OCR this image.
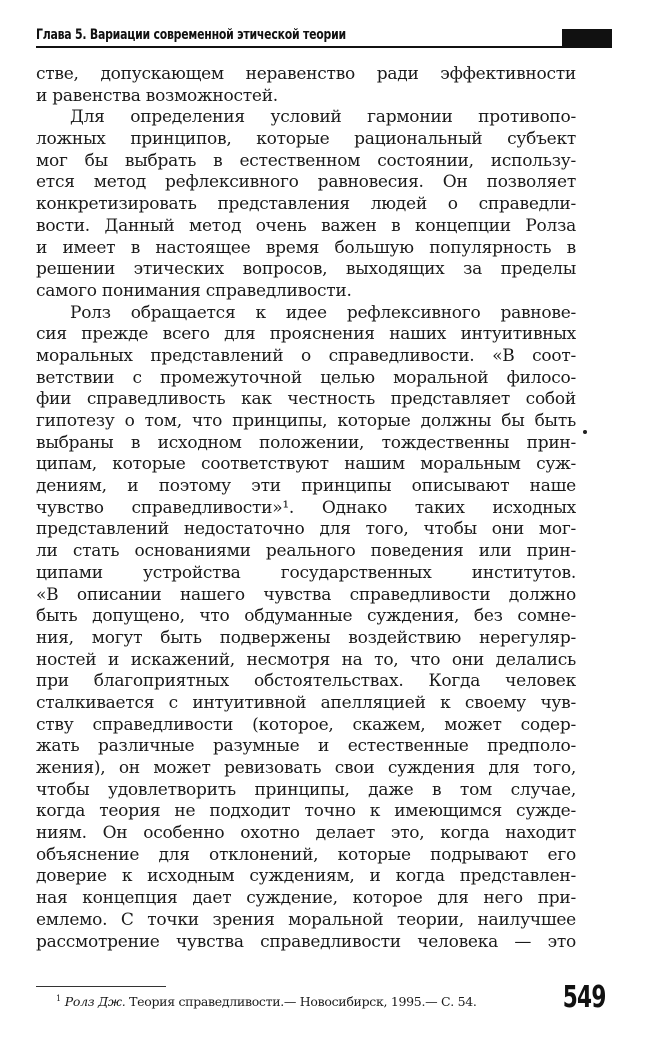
Глава 5. Вариации современной этической теории
стве, допускающем неравенство ради эффективности
и равенства возможностей.
Для определения условий гармонии противопо-
ложных принципов, которые рациональный субъект
мог бы выбрать в естественном состоянии, использу-
ется метод рефлексивного равновесия. Он позволяет
конкретизировать представления людей о справедли-
вости. Данный метод очень важен в концепции Ролза
и имеет в настоящее время большую популярность в
решении этических вопросов, выходящих за пределы
самого понимания справедливости.
Ролз обращается к идее рефлексивного равнове-
сия прежде всего для прояснения наших интуитивных
моральных представлений о справедливости. «В соот-
ветствии с промежуточной целью моральной филосо-
фии справедливость как честность представляет собой
гипотезу о том, что принципы, которые должны бы быть
выбраны в исходном положении, тождественны прин-
ципам, которые соответствуют нашим моральным суж-
дениям, и поэтому эти принципы описывают наше
чувство справедливости»¹. Однако таких исходных
представлений недостаточно для того, чтобы они мог-
ли стать основаниями реального поведения или прин-
ципами устройства государственных институтов.
«В описании нашего чувства справедливости должно
быть допущено, что обдуманные суждения, без сомне-
ния, могут быть подвержены воздействию нерегуляр-
ностей и искажений, несмотря на то, что они делались
при благоприятных обстоятельствах. Когда человек
сталкивается с интуитивной апелляцией к своему чув-
ству справедливости (которое, скажем, может содер-
жать различные разумные и естественные предполо-
жения), он может ревизовать свои суждения для того,
чтобы удовлетворить принципы, даже в том случае,
когда теория не подходит точно к имеющимся сужде-
ниям. Он особенно охотно делает это, когда находит
объяснение для отклонений, которые подрывают его
доверие к исходным суждениям, и когда представлен-
ная концепция дает суждение, которое для него при-
емлемо. С точки зрения моральной теории, наилучшее
рассмотрение чувства справедливости человека — это
$^1$ Ролз Дж. Теория справедливости.— Новосибирск, 1995.— С. 54.	549
